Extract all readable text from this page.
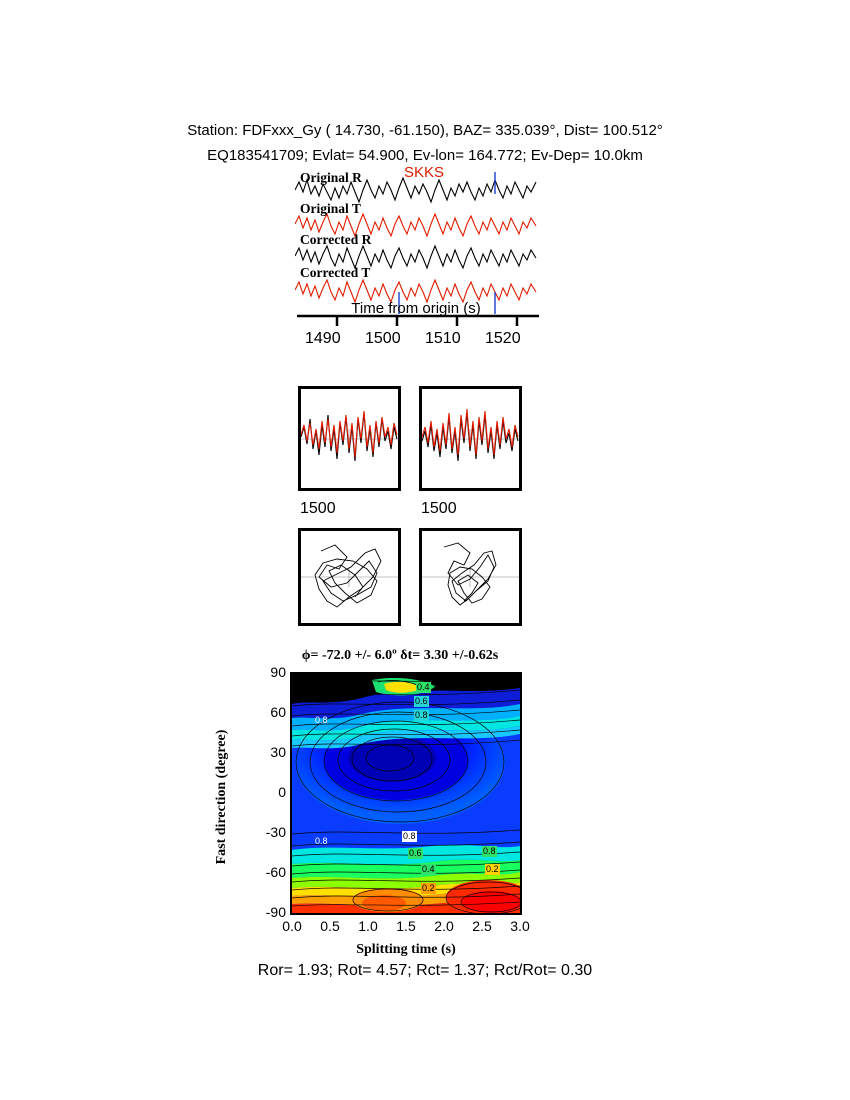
Station: FDFxxx_Gy ( 14.730, -61.150), BAZ= 335.039°, Dist= 100.512°
EQ183541709; Evlat= 54.900, Ev-lon= 164.772; Ev-Dep= 10.0km
Original R
Original T
Corrected R
Corrected T
SKKS
Time from origin (s)
1490 1500 1510 1520
1500	1500
ϕ= -72.0 +/- 6.0º δt= 3.30 +/-0.62s
Fast direction (degree)
0.4
0.6
0.8
0.8
0.8	0.8
0.6	0.8
0.4	0.2
0.2
90
60
30
0
-30
-60
-90
0.0	0.5	1.0	1.5	2.0	2.5	3.0
Splitting time (s)
Ror= 1.93; Rot= 4.57; Rct= 1.37; Rct/Rot= 0.30
